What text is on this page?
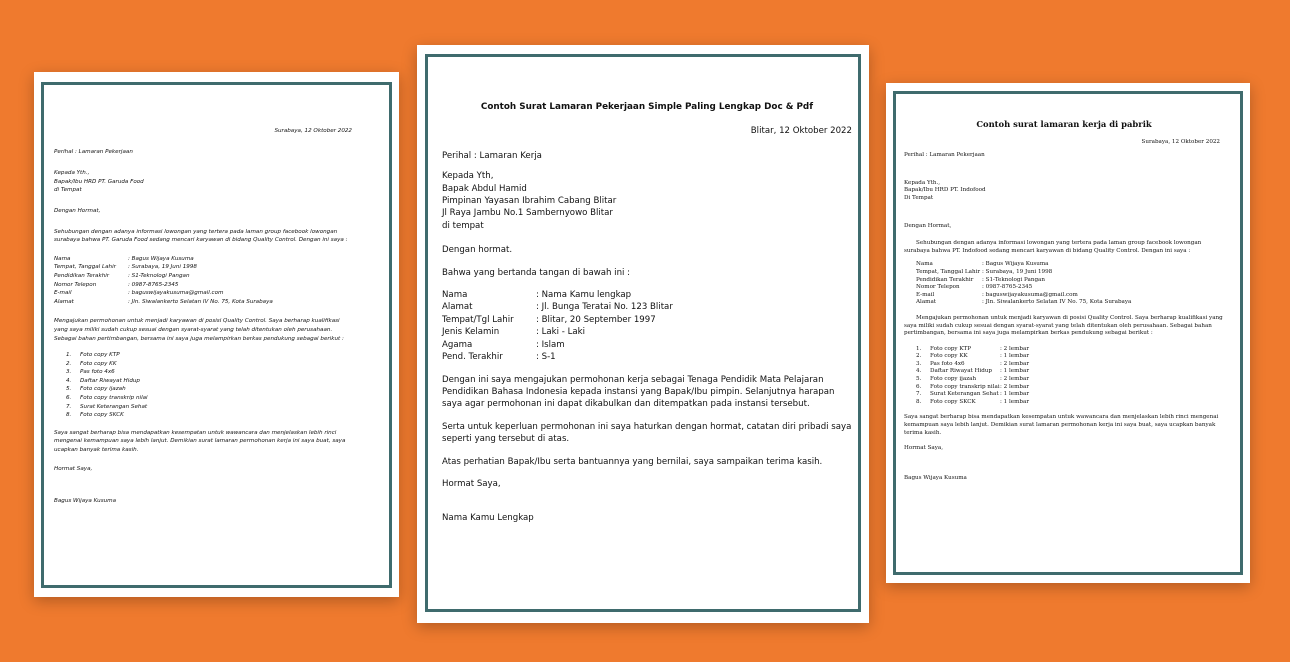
Surabaya, 12 Oktober 2022

Perihal : Lamaran Pekerjaan

Kepada Yth.,

Bapak/Ibu HRD PT. Garuda Food

di Tempat

Dengan Hormat,

Sehubungan dengan adanya informasi lowongan yang tertera pada laman group facebook lowongan surabaya bahwa PT. Garuda Food sedang mencari karyawan di bidang Quality Control. Dengan ini saya :

Nama	: Bagus Wijaya Kusuma
Tempat, Tanggal Lahir	: Surabaya, 19 Juni 1998
Pendidikan Terakhir	: S1-Teknologi Pangan
Nomor Telepon	: 0987-8765-2345
E-mail	: baguswijayakusuma@gmail.com
Alamat	: Jln. Siwalankerto Selatan IV No. 75, Kota Surabaya

Mengajukan permohonan untuk menjadi karyawan di posisi Quality Control. Saya berharap kualifikasi yang saya miliki sudah cukup sesuai dengan syarat-syarat yang telah ditentukan oleh perusahaan. Sebagai bahan pertimbangan, bersama ini saya juga melampirkan berkas pendukung sebagai berikut :

1.	Foto copy KTP
2.	Foto copy KK
3.	Pas foto 4x6
4.	Daftar Riwayat Hidup
5.	Foto copy ijazah
6.	Foto copy transkrip nilai
7.	Surat Keterangan Sehat
8.	Foto copy SKCK

Saya sangat berharap bisa mendapatkan kesempatan untuk wawancara dan menjelaskan lebih rinci mengenai kemampuan saya lebih lanjut. Demikian surat lamaran permohonan kerja ini saya buat, saya ucapkan banyak terima kasih.

Hormat Saya,

Bagus Wijaya Kusuma

Contoh Surat Lamaran Pekerjaan Simple Paling Lengkap Doc & Pdf

Blitar, 12 Oktober 2022

Perihal : Lamaran Kerja

Kepada Yth,

Bapak Abdul Hamid

Pimpinan Yayasan Ibrahim Cabang Blitar

Jl Raya Jambu No.1 Sambernyowo Blitar

di tempat

Dengan hormat.

Bahwa yang bertanda tangan di bawah ini :

Nama	: Nama Kamu lengkap
Alamat	: Jl. Bunga Teratai No. 123 Blitar
Tempat/Tgl Lahir	: Blitar, 20 September 1997
Jenis Kelamin	: Laki - Laki
Agama	: Islam
Pend. Terakhir	: S-1

Dengan ini saya mengajukan permohonan kerja sebagai Tenaga Pendidik Mata Pelajaran Pendidikan Bahasa Indonesia kepada instansi yang Bapak/Ibu pimpin. Selanjutnya harapan saya agar permohonan ini dapat dikabulkan dan ditempatkan pada instansi tersebut.

Serta untuk keperluan permohonan ini saya haturkan dengan hormat, catatan diri pribadi saya seperti yang tersebut di atas.

Atas perhatian Bapak/Ibu serta bantuannya yang bernilai, saya sampaikan terima kasih.

Hormat Saya,

Nama Kamu Lengkap

Contoh surat lamaran kerja di pabrik

Surabaya, 12 Oktober 2022

Perihal : Lamaran Pekerjaan

Kepada Yth.,

Bapak/Ibu HRD PT. Indofood

Di Tempat

Dengan Hormat,

Sehubungan dengan adanya informasi lowongan yang tertera pada laman group facebook lowongan surabaya bahwa PT. Indofood sedang mencari karyawan di bidang Quality Control. Dengan ini saya :

Nama	: Bagus Wijaya Kusuma
Tempat, Tanggal Lahir : Surabaya, 19 Juni 1998
Pendidikan Terakhir	: S1-Teknologi Pangan
Nomor Telepon	: 0987-8765-2345
E-mail	: baguswijayakusuma@gmail.com
Alamat	: Jln. Siwalankerto Selatan IV No. 75, Kota Surabaya

Mengajukan permohonan untuk menjadi karyawan di posisi Quality Control. Saya berharap kualifikasi yang saya miliki sudah cukup sesuai dengan syarat-syarat yang telah ditentukan oleh perusahaan. Sebagai bahan pertimbangan, bersama ini saya juga melampirkan berkas pendukung sebagai berikut :

1.	Foto copy KTP	: 2 lembar
2.	Foto copy KK	: 1 lembar
3.	Pas foto 4x6	: 2 lembar
4.	Daftar Riwayat Hidup	: 1 lembar
5.	Foto copy ijazah	: 2 lembar
6.	Foto copy transkrip nilai : 2 lembar
7.	Surat Keterangan Sehat : 1 lembar
8.	Foto copy SKCK	: 1 lembar

Saya sangat berharap bisa mendapatkan kesempatan untuk wawancara dan menjelaskan lebih rinci mengenai kemampuan saya lebih lanjut. Demikian surat lamaran permohonan kerja ini saya buat, saya ucapkan banyak terima kasih.

Hormat Saya,

Bagus Wijaya Kusuma
